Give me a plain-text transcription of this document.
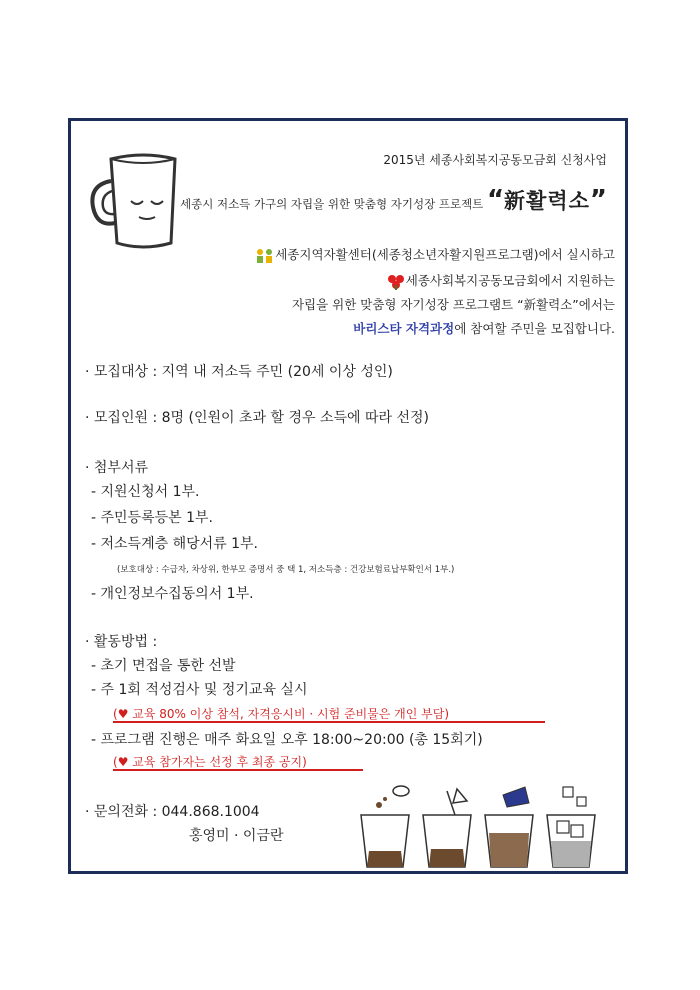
2015년 세종사회복지공동모금회 신청사업
세종시 저소득 가구의 자립을 위한 맞춤형 자기성장 프로젝트 “新활력소”
세종지역자활센터(세종청소년자활지원프로그램)에서 실시하고
세종사회복지공동모금회에서 지원하는
자립을 위한 맞춤형 자기성장 프로그램트 “新활력소”에서는
바리스타 자격과정에 참여할 주민을 모집합니다.
· 모집대상 : 지역 내 저소득 주민 (20세 이상 성인)
· 모집인원 : 8명 (인원이 초과 할 경우 소득에 따라 선정)
· 첨부서류
- 지원신청서 1부.
- 주민등록등본 1부.
- 저소득계층 해당서류 1부.
(보호대상 : 수급자, 차상위, 한부모 증명서 중 택 1, 저소득층 : 건강보험료납부확인서 1부.)
- 개인정보수집동의서 1부.
· 활동방법 :
- 초기 면접을 통한 선발
- 주 1회 적성검사 및 정기교육 실시
(♥ 교육 80% 이상 참석, 자격응시비 · 시험 준비물은 개인 부담)
- 프로그램 진행은 매주 화요일 오후 18:00~20:00 (총 15회기)
(♥ 교육 참가자는 선정 후 최종 공지)
· 문의전화 : 044.868.1004
홍영미 · 이금란
